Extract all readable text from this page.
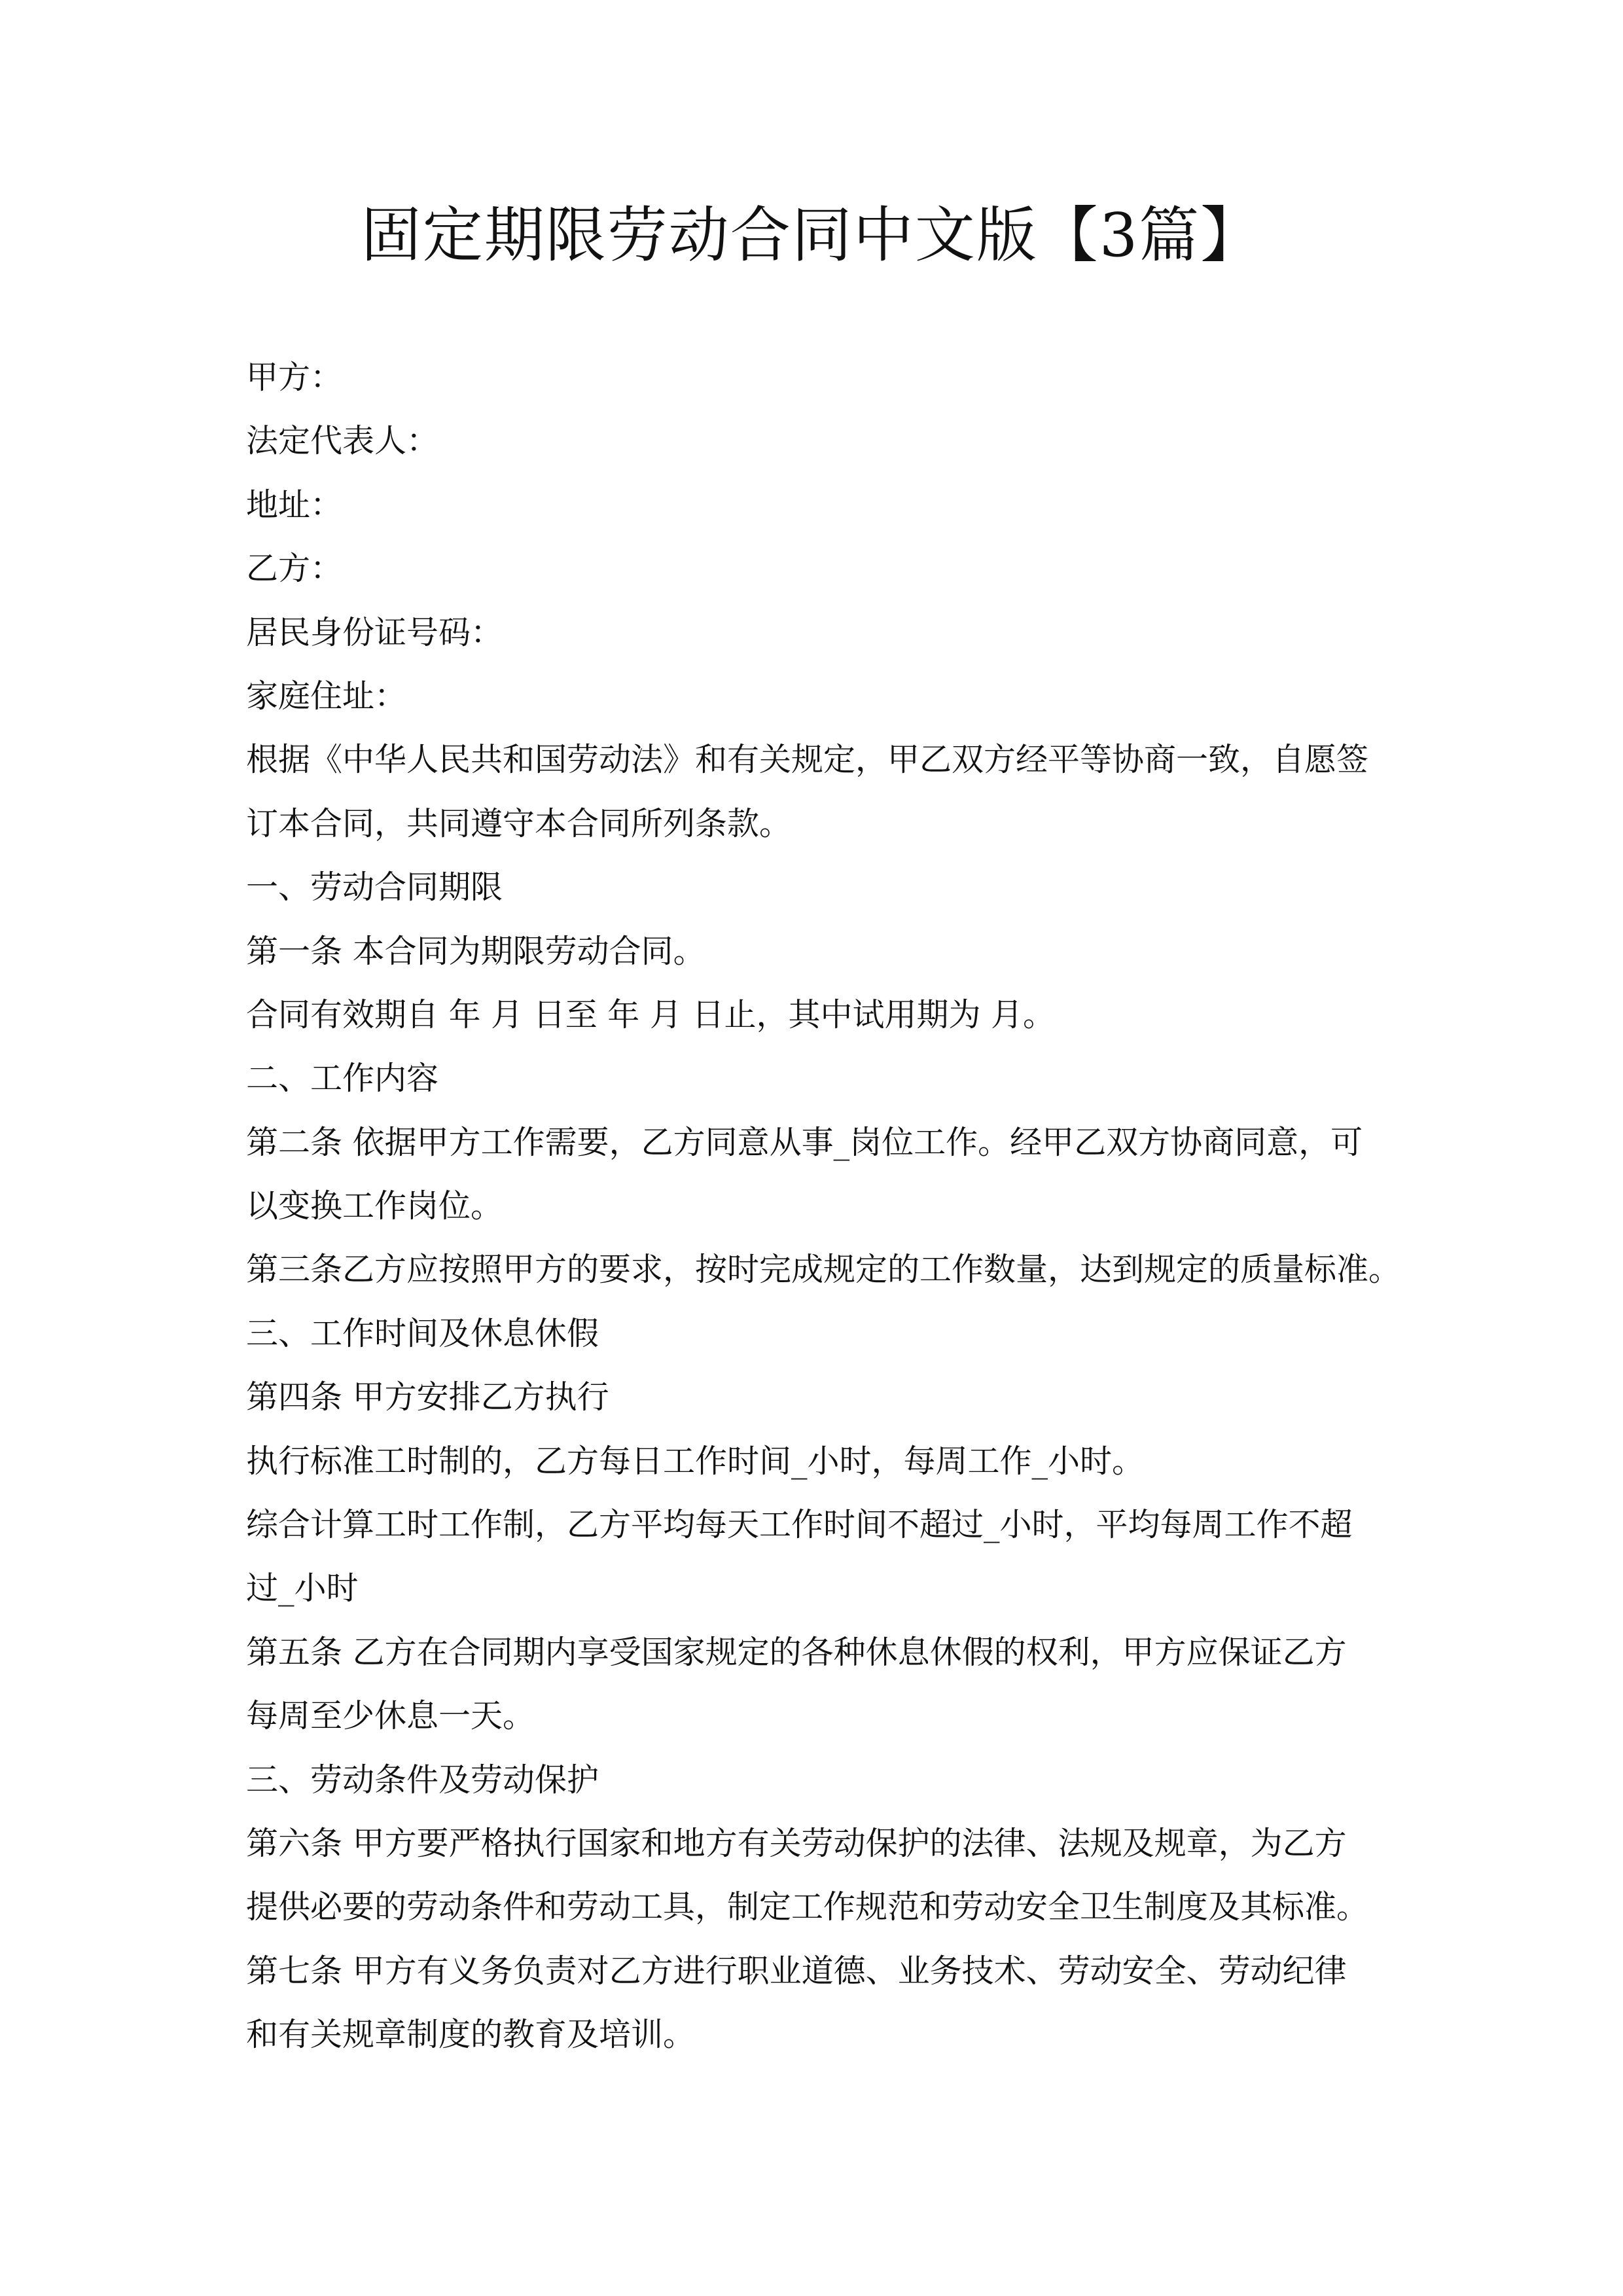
固定期限劳动合同中文版【3篇】
甲方：
法定代表人：
地址：
乙方：
居民身份证号码：
家庭住址：
根据《中华人民共和国劳动法》和有关规定，甲乙双方经平等协商一致，自愿签
订本合同，共同遵守本合同所列条款。
一、劳动合同期限
第一条 本合同为期限劳动合同。
合同有效期自 年 月 日至 年 月 日止，其中试用期为 月。
二、工作内容
第二条 依据甲方工作需要，乙方同意从事_岗位工作。经甲乙双方协商同意，可
以变换工作岗位。
第三条乙方应按照甲方的要求，按时完成规定的工作数量，达到规定的质量标准。
三、工作时间及休息休假
第四条 甲方安排乙方执行
执行标准工时制的，乙方每日工作时间_小时，每周工作_小时。
综合计算工时工作制，乙方平均每天工作时间不超过_小时，平均每周工作不超
过_小时
第五条 乙方在合同期内享受国家规定的各种休息休假的权利，甲方应保证乙方
每周至少休息一天。
三、劳动条件及劳动保护
第六条 甲方要严格执行国家和地方有关劳动保护的法律、法规及规章，为乙方
提供必要的劳动条件和劳动工具，制定工作规范和劳动安全卫生制度及其标准。
第七条 甲方有义务负责对乙方进行职业道德、业务技术、劳动安全、劳动纪律
和有关规章制度的教育及培训。
